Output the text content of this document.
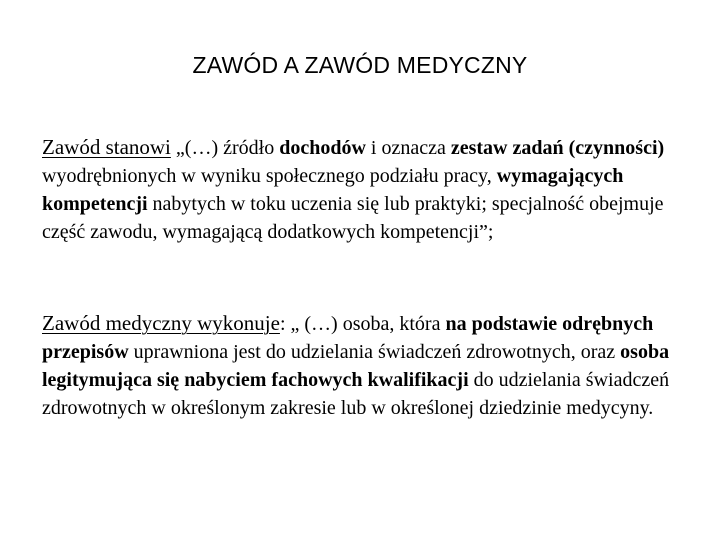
ZAWÓD A ZAWÓD MEDYCZNY

Zawód stanowi „(…) źródło dochodów i oznacza zestaw zadań (czynności) wyodrębnionych w wyniku społecznego podziału pracy, wymagających kompetencji nabytych w toku uczenia się lub praktyki; specjalność obejmuje część zawodu, wymagającą dodatkowych kompetencji”;

Zawód medyczny wykonuje: „ (…) osoba, która na podstawie odrębnych przepisów uprawniona jest do udzielania świadczeń zdrowotnych, oraz osoba legitymująca się nabyciem fachowych kwalifikacji do udzielania świadczeń zdrowotnych w określonym zakresie lub w określonej dziedzinie medycyny.
